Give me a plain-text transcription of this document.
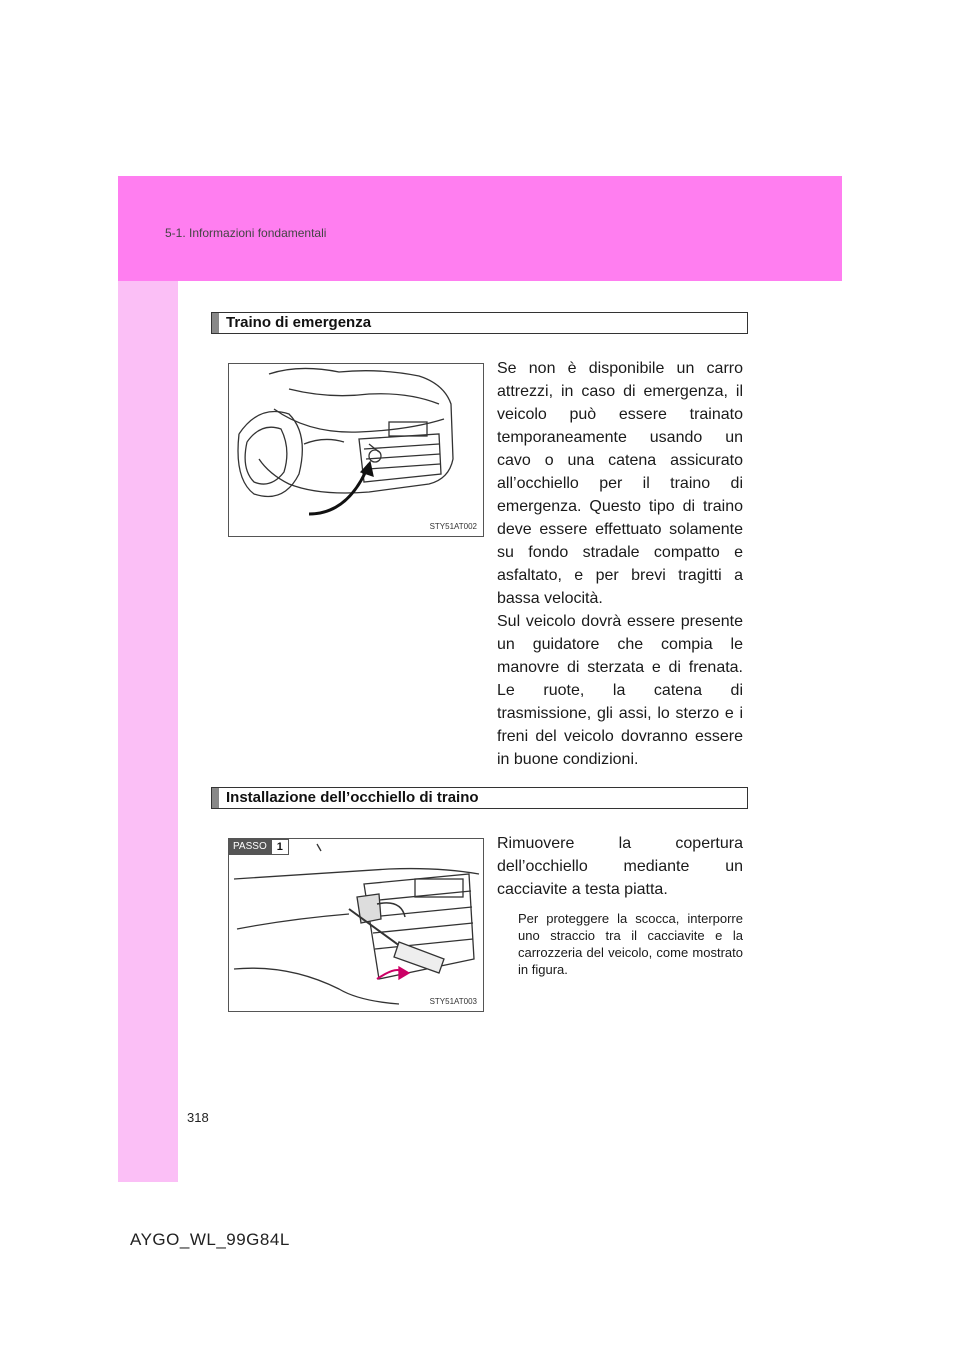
5-1. Informazioni fondamentali
Traino di emergenza
STY51AT002

Se non è disponibile un carro attrezzi, in caso di emergenza, il veicolo può essere trainato temporaneamente usando un cavo o una catena assicurato all’occhiello per il traino di emergenza. Questo tipo di traino deve essere effettuato solamente su fondo stradale compatto e asfaltato, e per brevi tragitti a bassa velocità.

Sul veicolo dovrà essere presente un guidatore che compia le manovre di sterzata e di frenata. Le ruote, la catena di trasmissione, gli assi, lo sterzo e i freni del veicolo dovranno essere in buone condizioni.

Installazione dell’occhiello di traino
PASSO 1
STY51AT003

Rimuovere la copertura dell’occhiello mediante un cacciavite a testa piatta.

Per proteggere la scocca, interporre uno straccio tra il cacciavite e la carrozzeria del veicolo, come mostrato in figura.
318
AYGO_WL_99G84L
